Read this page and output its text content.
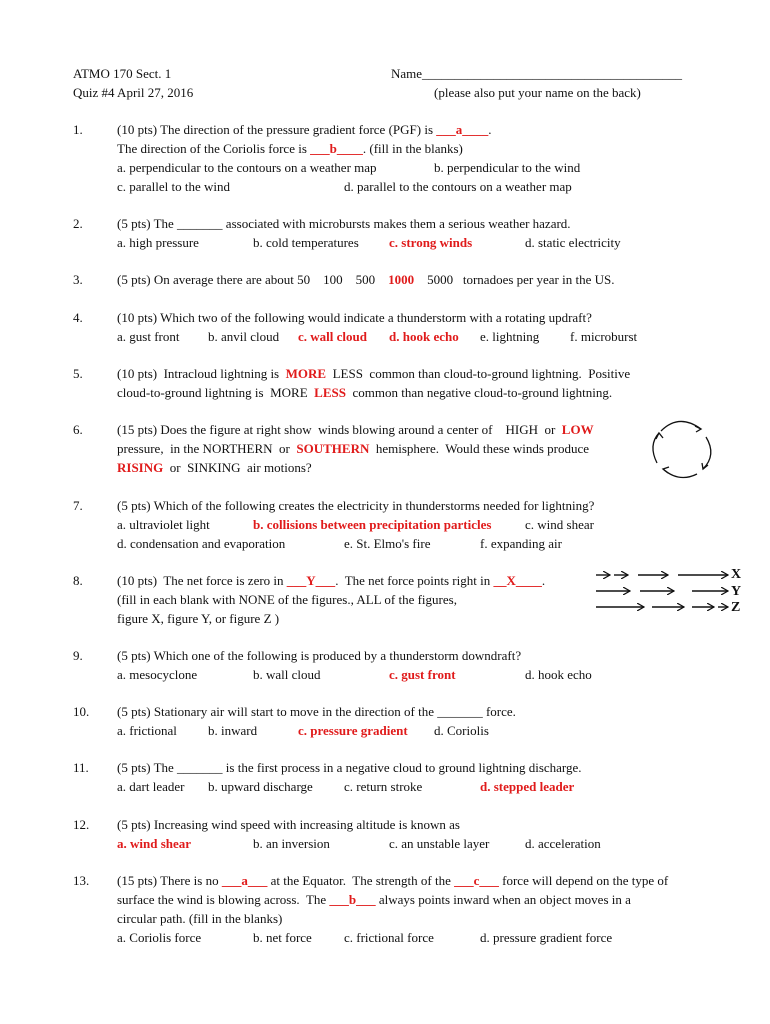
ATMO 170 Sect. 1
Quiz #4 April 27, 2016
Name________________________________________
(please also put your name on the back)
1.	(10 pts) The direction of the pressure gradient force (PGF) is ___a____.
The direction of the Coriolis force is ___b____. (fill in the blanks)
a. perpendicular to the contours on a weather map	b. perpendicular to the wind
c. parallel to the wind	d. parallel to the contours on a weather map
2.	(5 pts) The _______ associated with microbursts makes them a serious weather hazard.
a. high pressure	b. cold temperatures c. strong winds	d. static electricity
3.	(5 pts) On average there are about 50    100    500    1000    5000   tornadoes per year in the US.
4.	(10 pts) Which two of the following would indicate a thunderstorm with a rotating updraft?
a. gust front b. anvil cloud c. wall cloud d. hook echo e. lightning f. microburst
5.	(10 pts)  Intracloud lightning is  MORE  LESS  common than cloud-to-ground lightning.  Positive
cloud-to-ground lightning is  MORE  LESS  common than negative cloud-to-ground lightning.
6.	(15 pts) Does the figure at right show  winds blowing around a center of    HIGH  or  LOW
pressure,  in the NORTHERN  or  SOUTHERN  hemisphere.  Would these winds produce
RISING  or  SINKING  air motions?
7.	(5 pts) Which of the following creates the electricity in thunderstorms needed for lightning?
a. ultraviolet light	b. collisions between precipitation particles	c. wind shear
d. condensation and evaporation	e. St. Elmo's fire	f. expanding air
8.	(10 pts)  The net force is zero in ___Y___.  The net force points right in __X____.
(fill in each blank with NONE of the figures., ALL of the figures,
figure X, figure Y, or figure Z )
X
Y
Z
9.	(5 pts) Which one of the following is produced by a thunderstorm downdraft?
a. mesocyclone	b. wall cloud	c. gust front	d. hook echo
10. (5 pts) Stationary air will start to move in the direction of the _______ force.
a. frictional b. inward	c. pressure gradient d. Coriolis
11. (5 pts) The _______ is the first process in a negative cloud to ground lightning discharge.
a. dart leader b. upward discharge c. return stroke	d. stepped leader
12. (5 pts) Increasing wind speed with increasing altitude is known as
a. wind shear	b. an inversion	c. an unstable layer	d. acceleration
13. (15 pts) There is no ___a___ at the Equator.  The strength of the ___c___ force will depend on the type of
surface the wind is blowing across.  The ___b___ always points inward when an object moves in a
circular path. (fill in the blanks)
a. Coriolis force	b. net force c. frictional force	d. pressure gradient force
